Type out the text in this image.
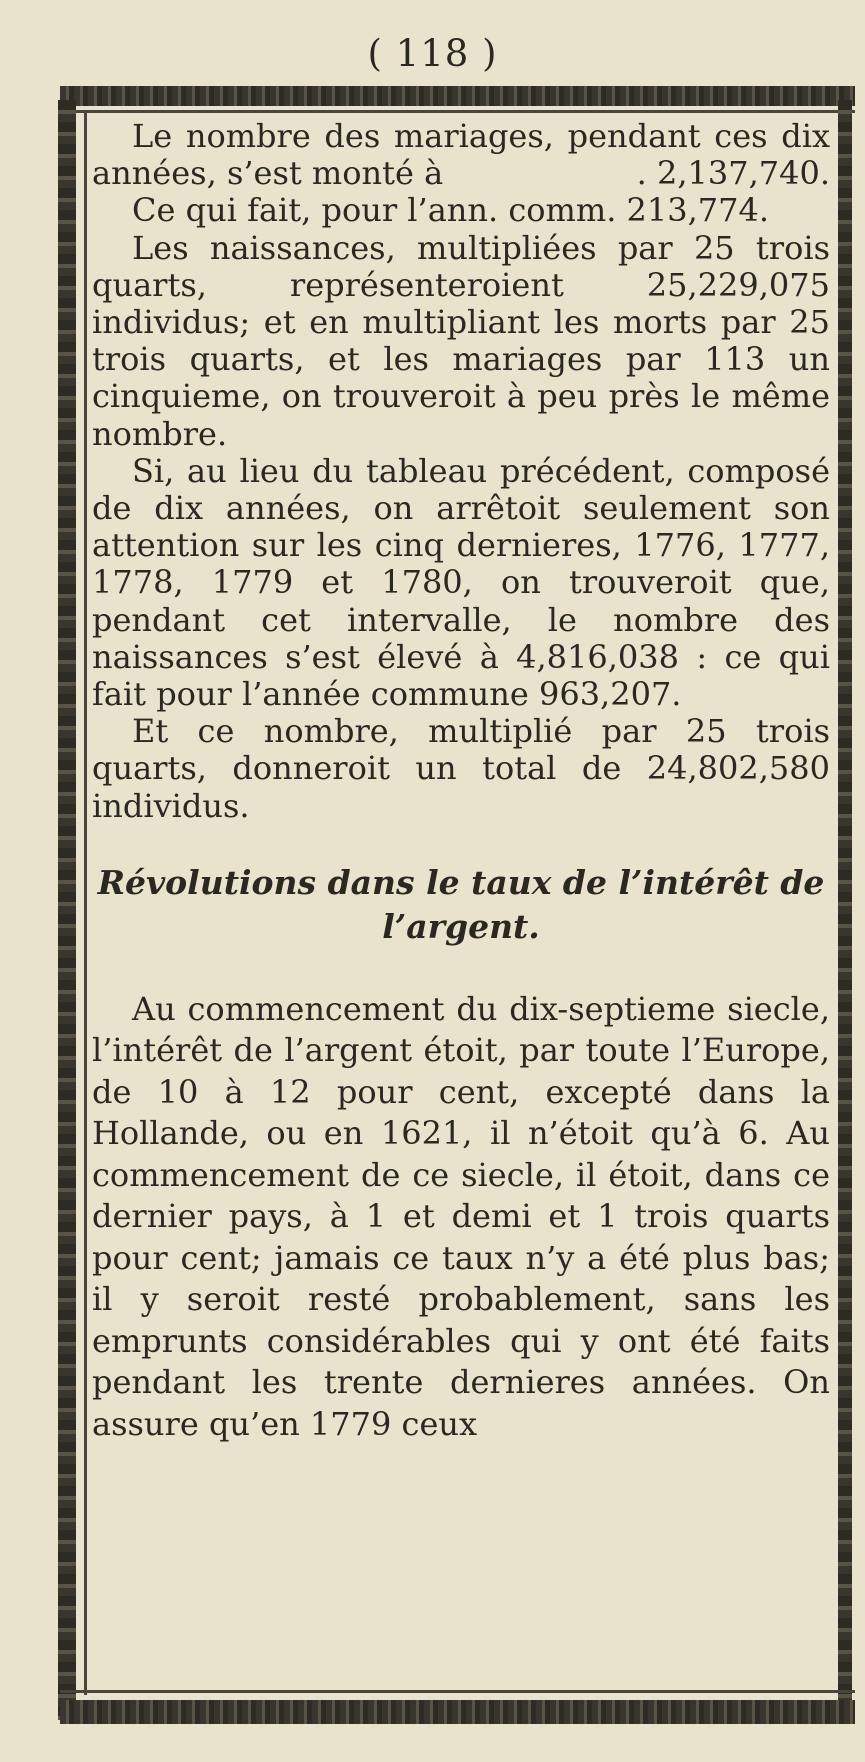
( 118 )

Le nombre des mariages, pendant ces dix années, s’est monté à	. 2,137,740.

Ce qui fait, pour l’ann. comm. 213,774.

Les naissances, multipliées par 25 trois quarts, représenteroient 25,229,075 individus; et en multipliant les morts par 25 trois quarts, et les mariages par 113 un cinquieme, on trouveroit à peu près le même nombre.

Si, au lieu du tableau précédent, composé de dix années, on arrêtoit seulement son attention sur les cinq dernieres, 1776, 1777, 1778, 1779 et 1780, on trouveroit que, pendant cet intervalle, le nombre des naissances s’est élevé à 4,816,038 : ce qui fait pour l’année commune 963,207.

Et ce nombre, multiplié par 25 trois quarts, donneroit un total de 24,802,580 individus.

Révolutions dans le taux de l’intérêt de l’argent.

Au commencement du dix-septieme siecle, l’intérêt de l’argent étoit, par toute l’Europe, de 10 à 12 pour cent, excepté dans la Hollande, ou en 1621, il n’étoit qu’à 6. Au commencement de ce siecle, il étoit, dans ce dernier pays, à 1 et demi et 1 trois quarts pour cent; jamais ce taux n’y a été plus bas; il y seroit resté probablement, sans les emprunts considérables qui y ont été faits pendant les trente dernieres années. On assure qu’en 1779 ceux
